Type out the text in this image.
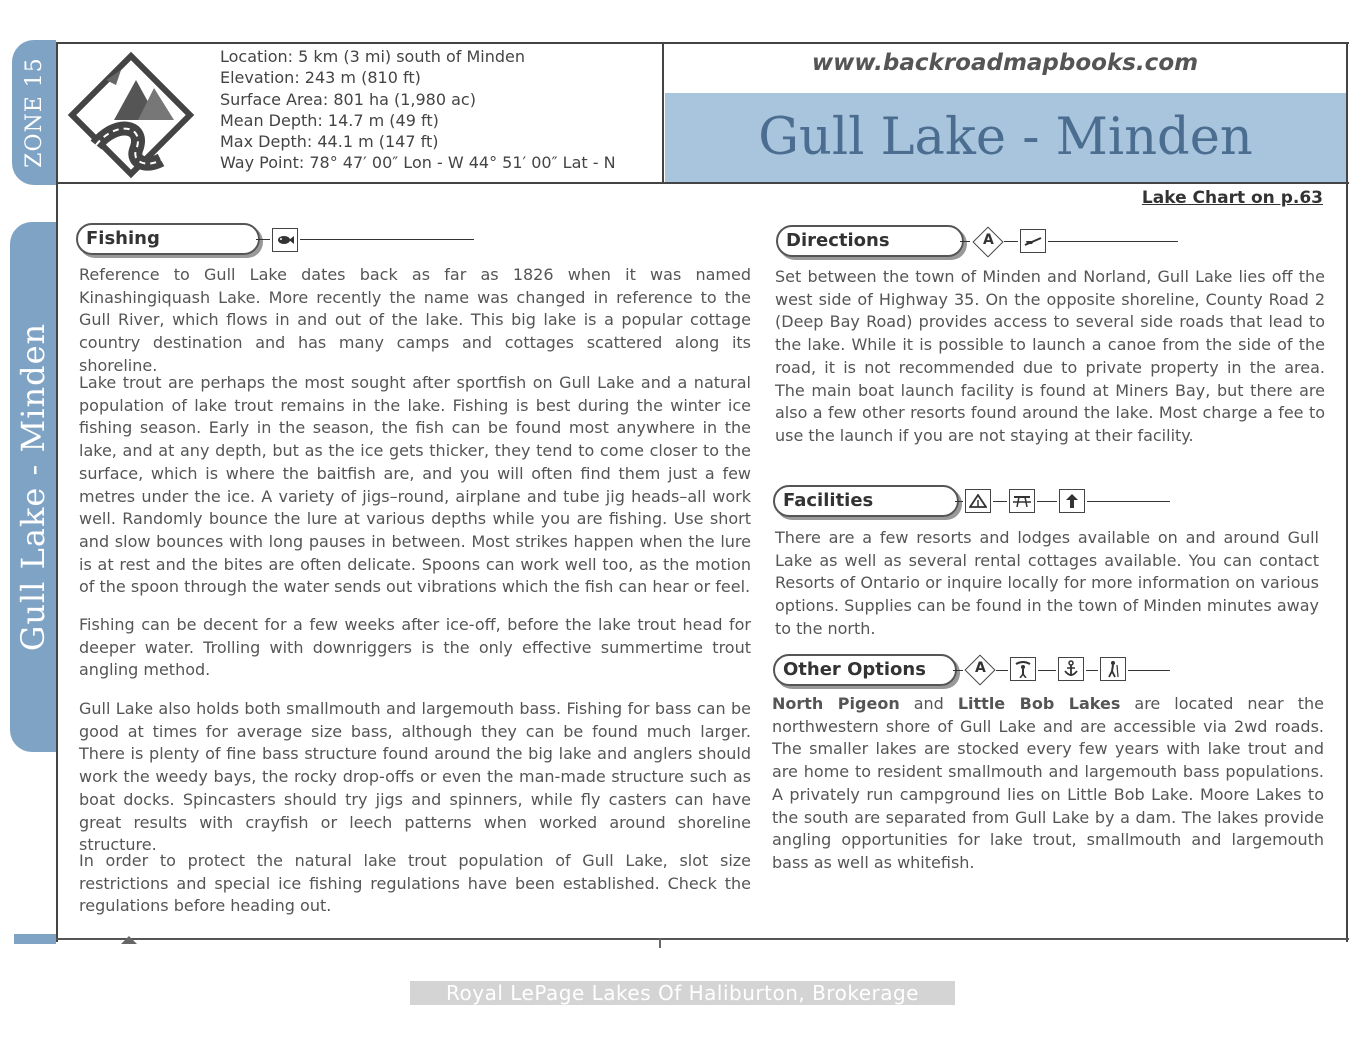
ZONE 15
Gull Lake - Minden
Location: 5 km (3 mi) south of Minden
Elevation: 243 m (810 ft)
Surface Area: 801 ha (1,980 ac)
Mean Depth: 14.7 m (49 ft)
Max Depth: 44.1 m (147 ft)
Way Point: 78° 47′ 00″ Lon - W 44° 51′ 00″ Lat - N
www.backroadmapbooks.com
Gull Lake - Minden
Lake Chart on p.63
Fishing
Reference to Gull Lake dates back as far as 1826 when it was named Kinashingiquash Lake. More recently the name was changed in reference to the Gull River, which flows in and out of the lake. This big lake is a popular cottage country destination and has many camps and cottages scattered along its shoreline.
Lake trout are perhaps the most sought after sportfish on Gull Lake and a natural population of lake trout remains in the lake. Fishing is best during the winter ice fishing season. Early in the season, the fish can be found most anywhere in the lake, and at any depth, but as the ice gets thicker, they tend to come closer to the surface, which is where the baitfish are, and you will often find them just a few metres under the ice. A variety of jigs–round, airplane and tube jig heads–all work well. Randomly bounce the lure at various depths while you are fishing. Use short and slow bounces with long pauses in between. Most strikes happen when the lure is at rest and the bites are often delicate. Spoons can work well too, as the motion of the spoon through the water sends out vibrations which the fish can hear or feel.
Fishing can be decent for a few weeks after ice-off, before the lake trout head for deeper water. Trolling with downriggers is the only effective summertime trout angling method.
Gull Lake also holds both smallmouth and largemouth bass. Fishing for bass can be good at times for average size bass, although they can be found much larger. There is plenty of fine bass structure found around the big lake and anglers should work the weedy bays, the rocky drop-offs or even the man-made structure such as boat docks. Spincasters should try jigs and spinners, while fly casters can have great results with crayfish or leech patterns when worked around shoreline structure.
In order to protect the natural lake trout population of Gull Lake, slot size restrictions and special ice fishing regulations have been established. Check the regulations before heading out.
Directions	A
Set between the town of Minden and Norland, Gull Lake lies off the west side of Highway 35. On the opposite shoreline, County Road 2 (Deep Bay Road) provides access to several side roads that lead to the lake. While it is possible to launch a canoe from the side of the road, it is not recommended due to private property in the area. The main boat launch facility is found at Miners Bay, but there are also a few other resorts found around the lake. Most charge a fee to use the launch if you are not staying at their facility.
Facilities
There are a few resorts and lodges available on and around Gull Lake as well as several rental cottages available. You can contact Resorts of Ontario or inquire locally for more information on various options. Supplies can be found in the town of Minden minutes away to the north.
Other Options	A
North Pigeon and Little Bob Lakes are located near the northwestern shore of Gull Lake and are accessible via 2wd roads. The smaller lakes are stocked every few years with lake trout and are home to resident smallmouth and largemouth bass populations. A privately run campground lies on Little Bob Lake. Moore Lakes to the south are separated from Gull Lake by a dam. The lakes provide angling opportunities for lake trout, smallmouth and largemouth bass as well as whitefish.
Royal LePage Lakes Of Haliburton, Brokerage
